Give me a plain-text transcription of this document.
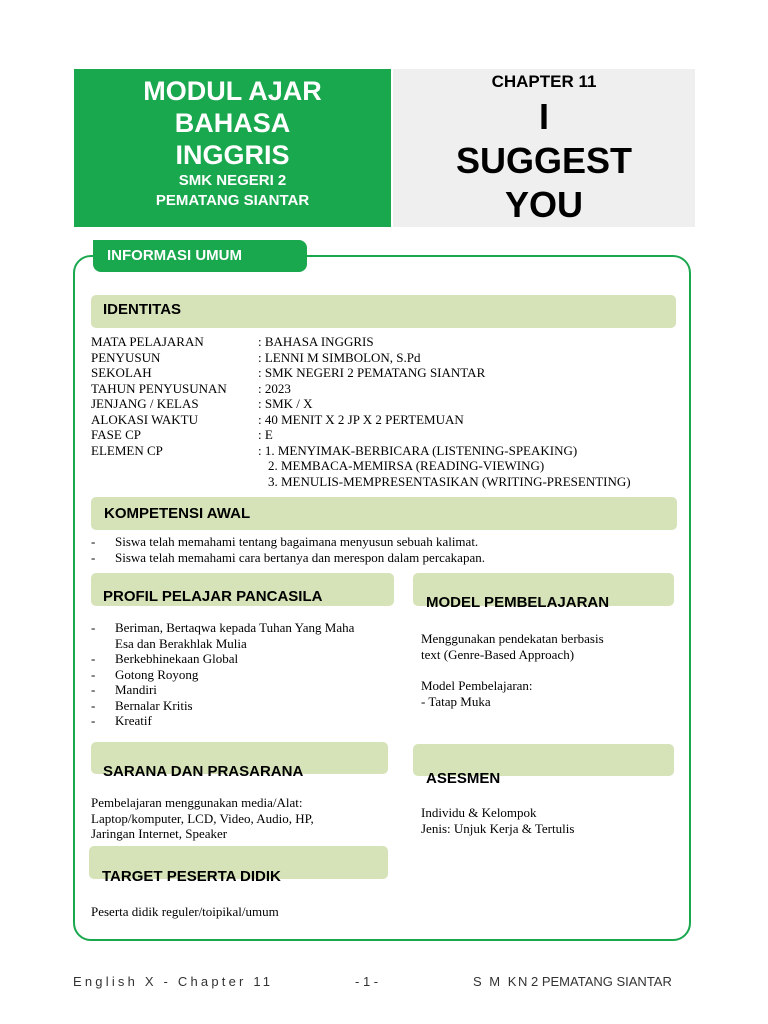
MODUL AJAR
BAHASA
INGGRIS
SMK NEGERI 2
PEMATANG SIANTAR
CHAPTER 11
I
SUGGEST
YOU
INFORMASI UMUM
IDENTITAS
MATA PELAJARAN	: BAHASA INGGRIS
PENYUSUN	: LENNI M SIMBOLON, S.Pd
SEKOLAH	: SMK NEGERI 2 PEMATANG SIANTAR
TAHUN PENYUSUNAN : 2023
JENJANG / KELAS	: SMK / X
ALOKASI WAKTU	: 40 MENIT X 2 JP X 2 PERTEMUAN
FASE CP	: E
ELEMEN CP	: 1. MENYIMAK-BERBICARA (LISTENING-SPEAKING)
2. MEMBACA-MEMIRSA (READING-VIEWING)
3. MENULIS-MEMPRESENTASIKAN (WRITING-PRESENTING)
KOMPETENSI AWAL
- Siswa telah memahami tentang bagaimana menyusun sebuah kalimat.
- Siswa telah memahami cara bertanya dan merespon dalam percakapan.
PROFIL PELAJAR PANCASILA
- Beriman, Bertaqwa kepada Tuhan Yang Maha Esa dan Berakhlak Mulia
- Berkebhinekaan Global
- Gotong Royong
- Mandiri
- Bernalar Kritis
- Kreatif
MODEL PEMBELAJARAN
Menggunakan pendekatan berbasis
text (Genre-Based Approach)
Model Pembelajaran:
- Tatap Muka
SARANA DAN PRASARANA
Pembelajaran menggunakan media/Alat:
Laptop/komputer, LCD, Video, Audio, HP,
Jaringan Internet, Speaker
ASESMEN
Individu & Kelompok
Jenis: Unjuk Kerja & Tertulis
TARGET PESERTA DIDIK
Peserta didik reguler/toipikal/umum
English X - Chapter 11	- 1 -	S M K N 2 PEMATANG SIANTAR
